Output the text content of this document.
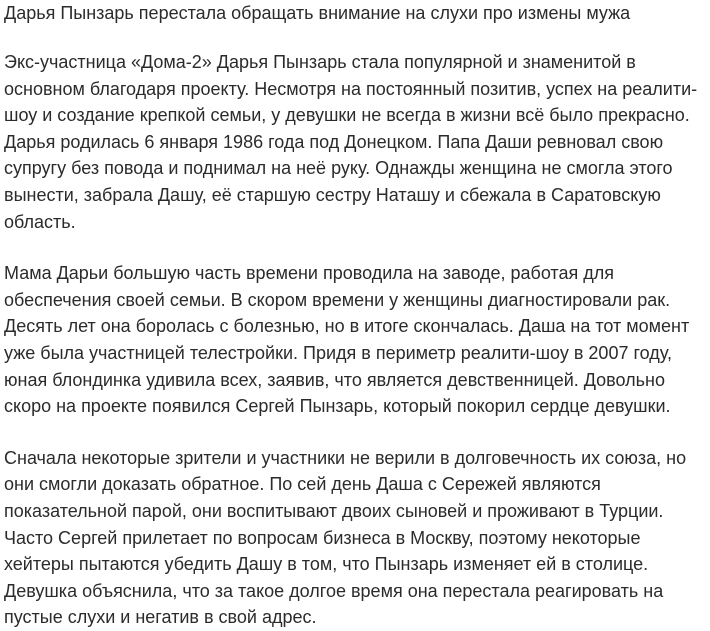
Дарья Пынзарь перестала обращать внимание на слухи про измены мужа

Экс-участница «Дома-2» Дарья Пынзарь стала популярной и знаменитой в основном благодаря проекту. Несмотря на постоянный позитив, успех на реалити-шоу и создание крепкой семьи, у девушки не всегда в жизни всё было прекрасно. Дарья родилась 6 января 1986 года под Донецком. Папа Даши ревновал свою супругу без повода и поднимал на неё руку. Однажды женщина не смогла этого вынести, забрала Дашу, её старшую сестру Наташу и сбежала в Саратовскую область.

Мама Дарьи большую часть времени проводила на заводе, работая для обеспечения своей семьи. В скором времени у женщины диагностировали рак. Десять лет она боролась с болезнью, но в итоге скончалась. Даша на тот момент уже была участницей телестройки. Придя в периметр реалити-шоу в 2007 году, юная блондинка удивила всех, заявив, что является девственницей. Довольно скоро на проекте появился Сергей Пынзарь, который покорил сердце девушки.

Сначала некоторые зрители и участники не верили в долговечность их союза, но они смогли доказать обратное. По сей день Даша с Сережей являются показательной парой, они воспитывают двоих сыновей и проживают в Турции. Часто Сергей прилетает по вопросам бизнеса в Москву, поэтому некоторые хейтеры пытаются убедить Дашу в том, что Пынзарь изменяет ей в столице. Девушка объяснила, что за такое долгое время она перестала реагировать на пустые слухи и негатив в свой адрес.
